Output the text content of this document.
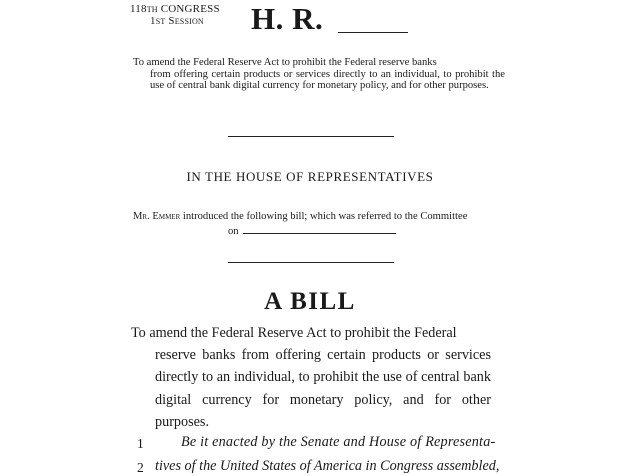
118th CONGRESS
1st Session	H. R.
To amend the Federal Reserve Act to prohibit the Federal reserve banks
from offering certain products or services directly to an individual, to prohibit the use of central bank digital currency for monetary policy, and for other purposes.
IN THE HOUSE OF REPRESENTATIVES
Mr. Emmer introduced the following bill; which was referred to the Committee
on
A BILL
To amend the Federal Reserve Act to prohibit the Federal
reserve banks from offering certain products or services directly to an individual, to prohibit the use of central bank digital currency for monetary policy, and for other purposes.
1	Be it enacted by the Senate and House of Representa-
2 tives of the United States of America in Congress assembled,
